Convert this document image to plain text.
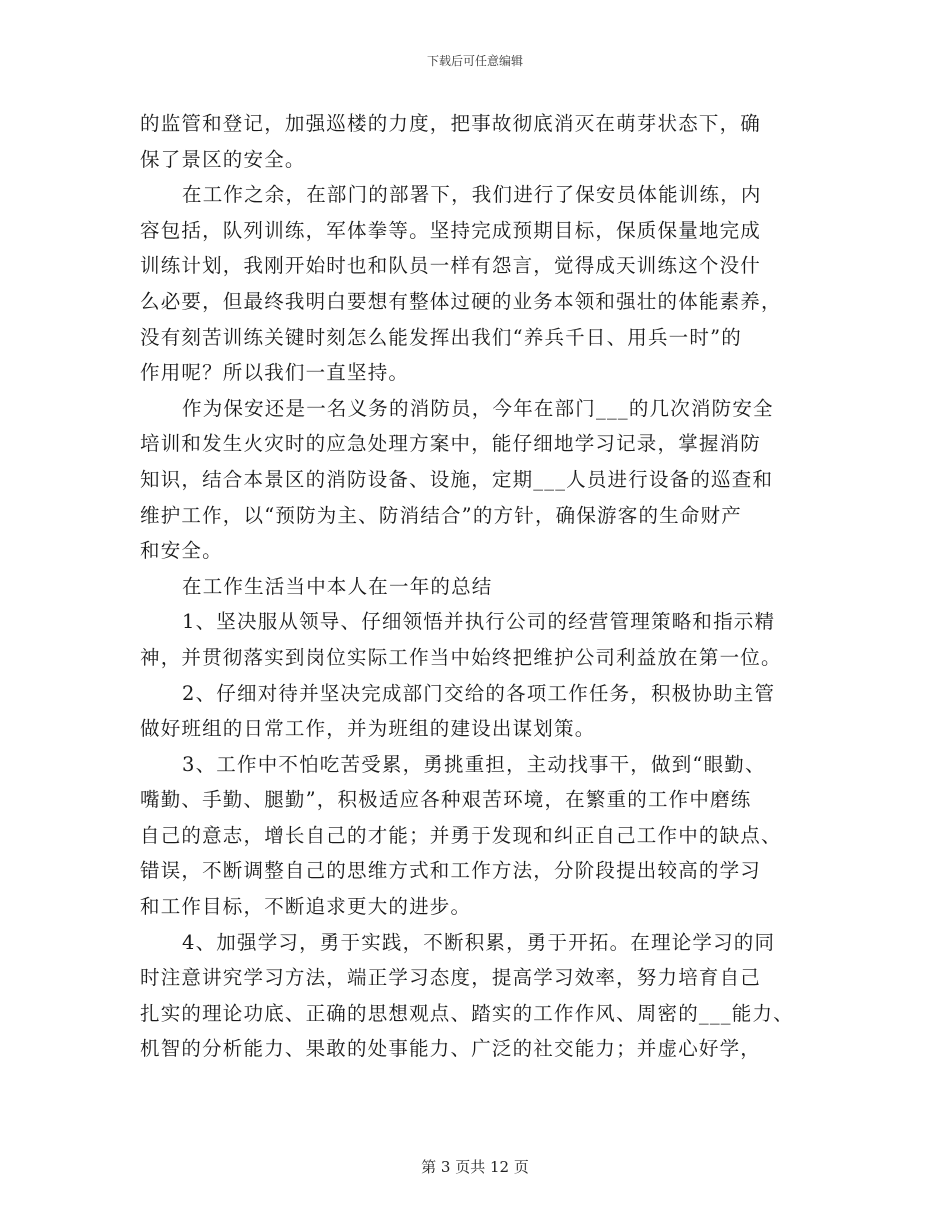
下载后可任意编辑
的监管和登记，加强巡楼的力度，把事故彻底消灭在萌芽状态下，确
保了景区的安全。
在工作之余，在部门的部署下，我们进行了保安员体能训练，内
容包括，队列训练，军体拳等。坚持完成预期目标，保质保量地完成
训练计划，我刚开始时也和队员一样有怨言，觉得成天训练这个没什
么必要，但最终我明白要想有整体过硬的业务本领和强壮的体能素养，
没有刻苦训练关键时刻怎么能发挥出我们“养兵千日、用兵一时”的
作用呢？所以我们一直坚持。
作为保安还是一名义务的消防员，今年在部门___的几次消防安全
培训和发生火灾时的应急处理方案中，能仔细地学习记录，掌握消防
知识，结合本景区的消防设备、设施，定期___人员进行设备的巡查和
维护工作，以“预防为主、防消结合”的方针，确保游客的生命财产
和安全。
在工作生活当中本人在一年的总结
1、坚决服从领导、仔细领悟并执行公司的经营管理策略和指示精
神，并贯彻落实到岗位实际工作当中始终把维护公司利益放在第一位。
2、仔细对待并坚决完成部门交给的各项工作任务，积极协助主管
做好班组的日常工作，并为班组的建设出谋划策。
3、工作中不怕吃苦受累，勇挑重担，主动找事干，做到“眼勤、
嘴勤、手勤、腿勤”，积极适应各种艰苦环境，在繁重的工作中磨练
自己的意志，增长自己的才能；并勇于发现和纠正自己工作中的缺点、
错误，不断调整自己的思维方式和工作方法，分阶段提出较高的学习
和工作目标，不断追求更大的进步。
4、加强学习，勇于实践，不断积累，勇于开拓。在理论学习的同
时注意讲究学习方法，端正学习态度，提高学习效率，努力培育自己
扎实的理论功底、正确的思想观点、踏实的工作作风、周密的___能力、
机智的分析能力、果敢的处事能力、广泛的社交能力；并虚心好学，
第 3 页共 12 页
